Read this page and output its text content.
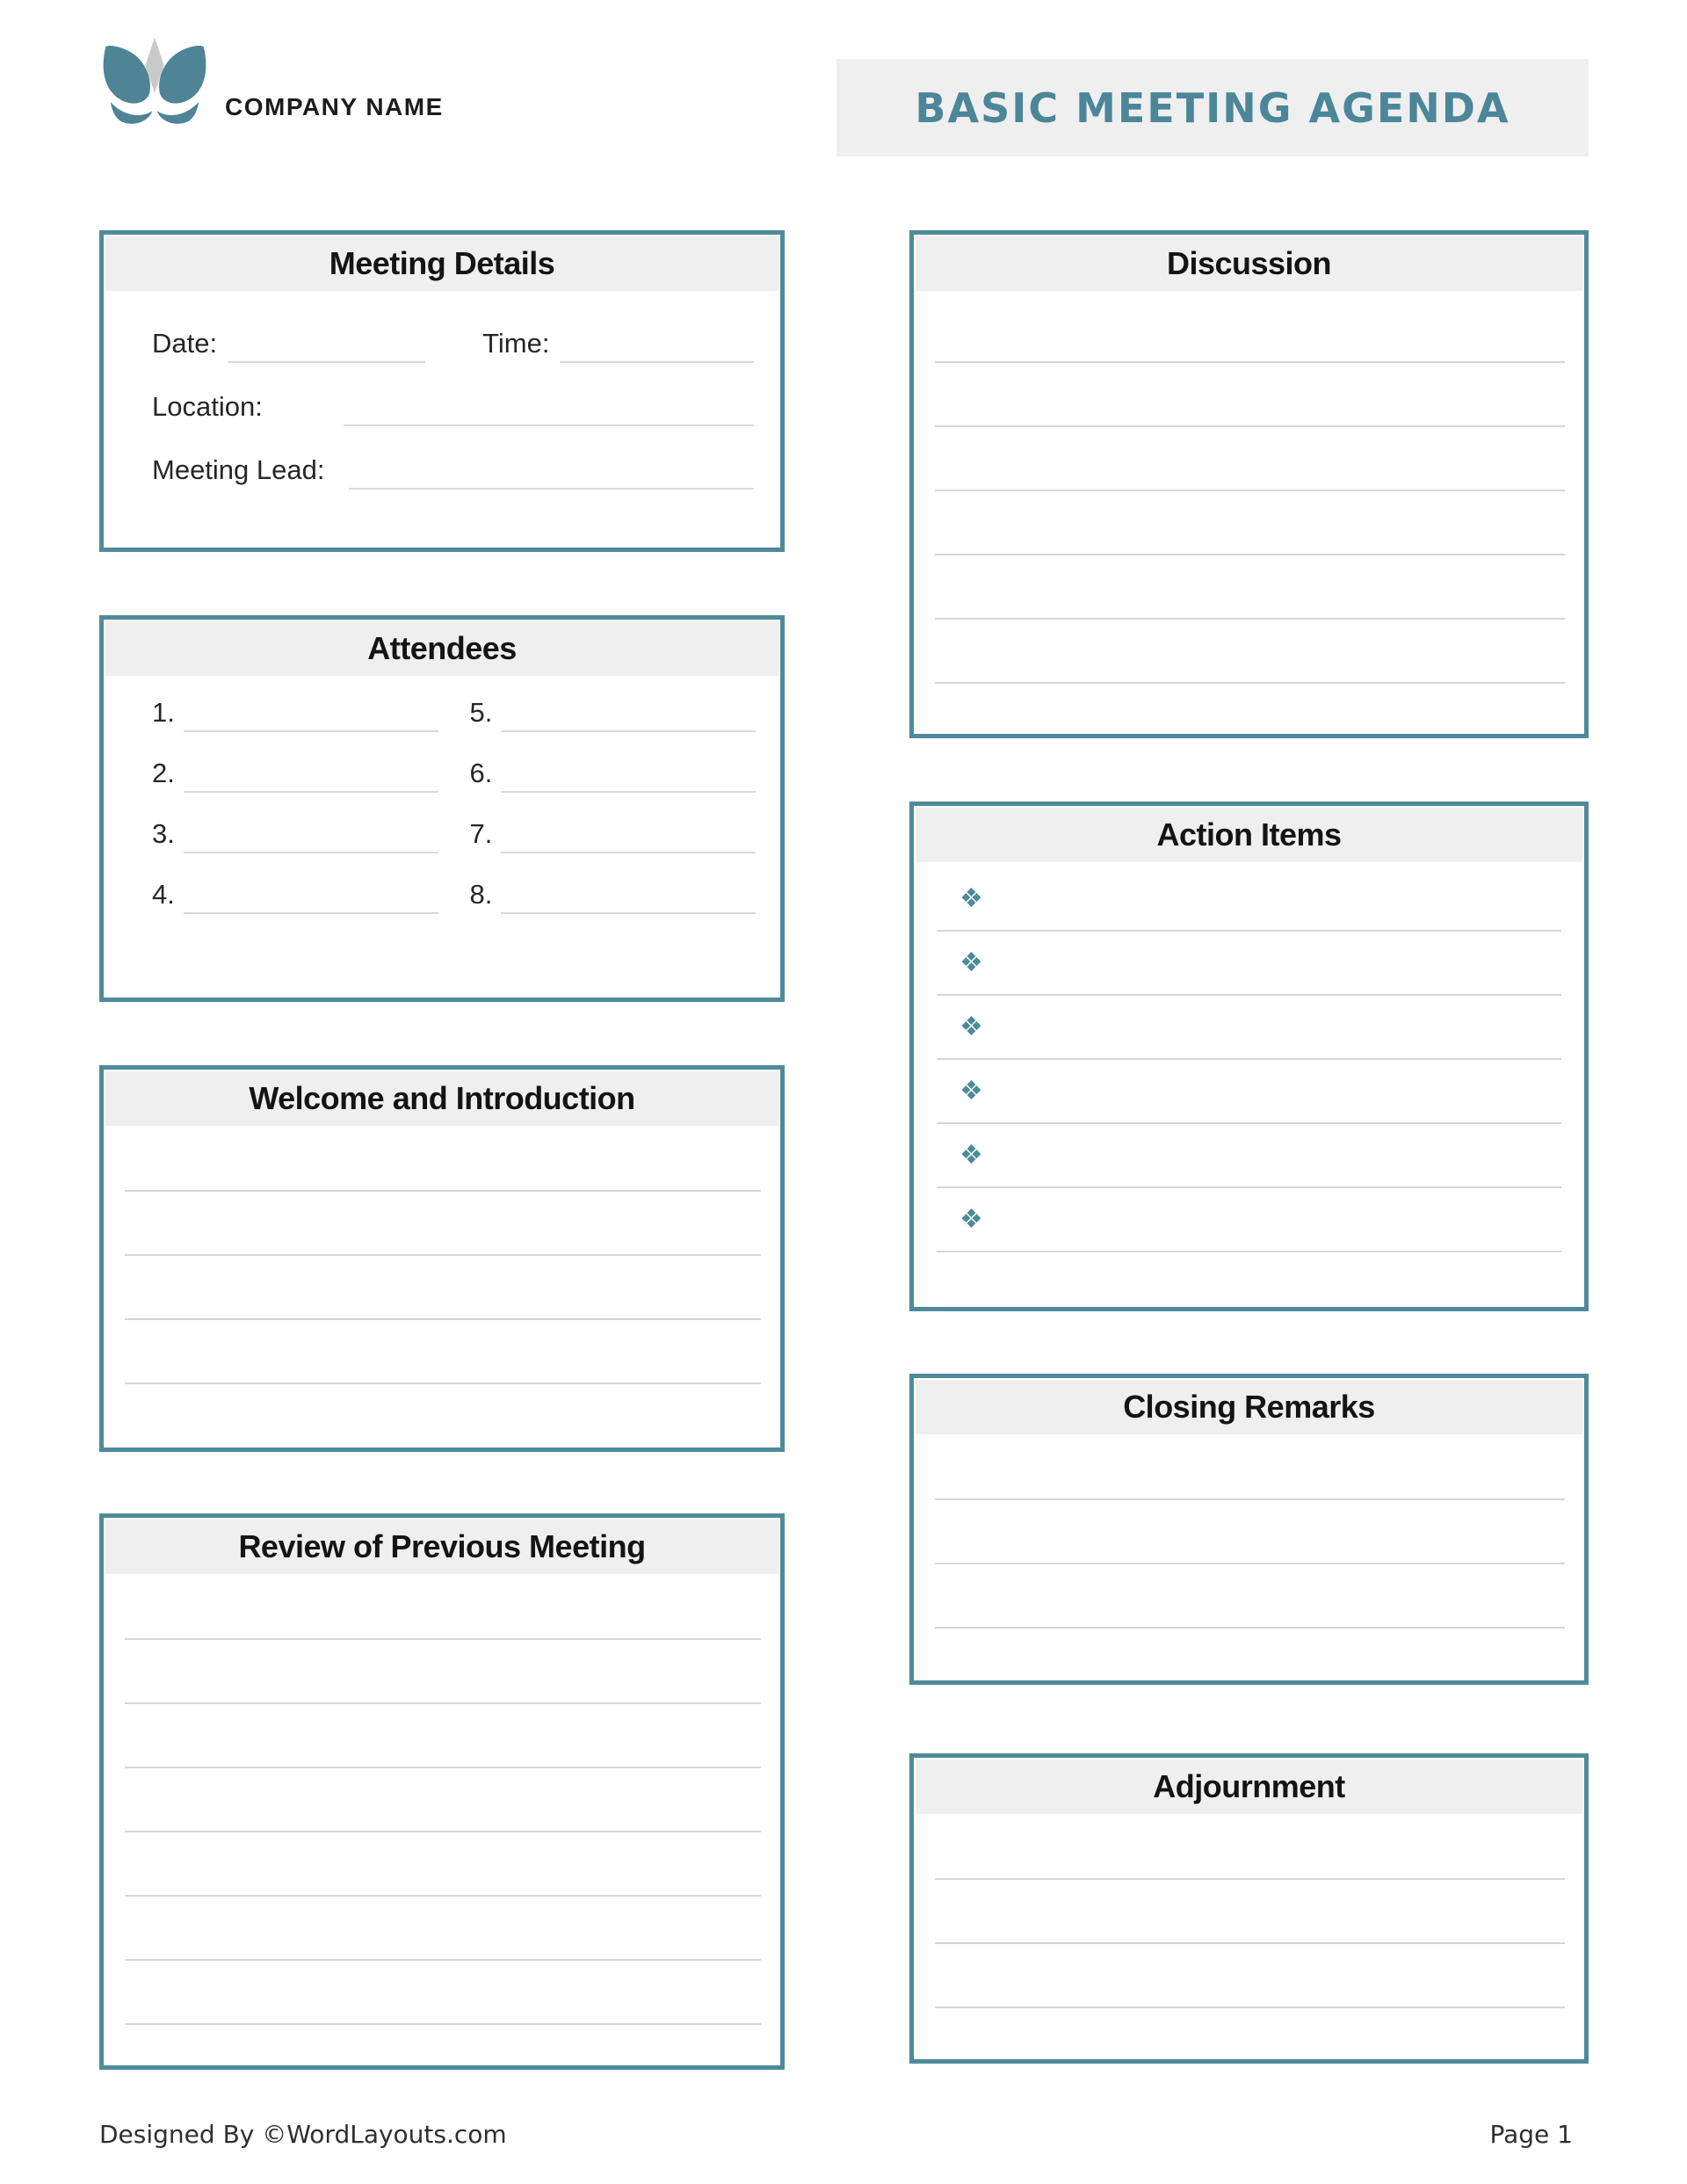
COMPANY NAME	BASIC MEETING AGENDA
Meeting Details
Date:	Time:
Location:
Meeting Lead:
Attendees
1.	5.
2.	6.
3.	7.
4.	8.
Welcome and Introduction
Review of Previous Meeting
Discussion
Action Items
❖
❖
❖
❖
❖
❖
Closing Remarks
Adjournment
Designed By ©WordLayouts.com	Page 1
